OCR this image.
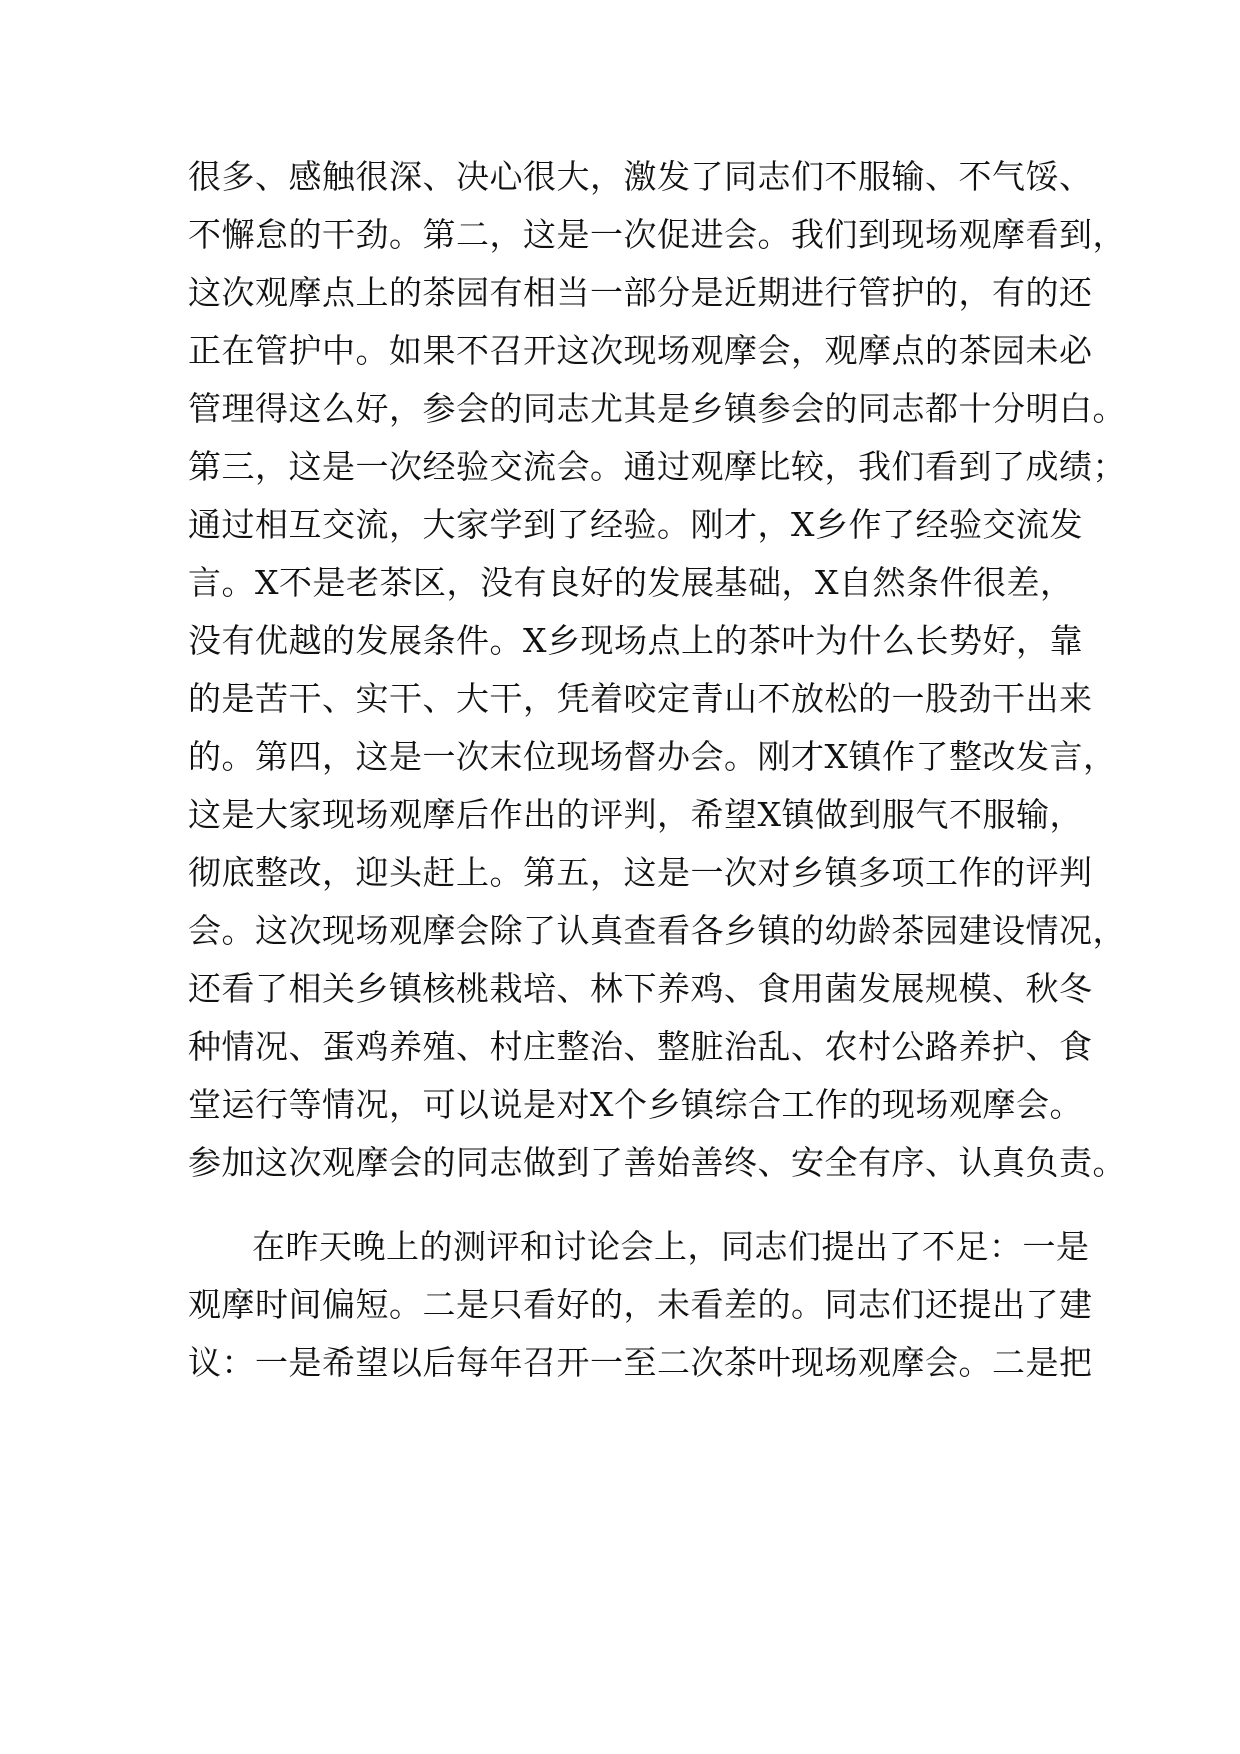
很多、感触很深、决心很大，激发了同志们不服输、不气馁、
不懈怠的干劲。第二，这是一次促进会。我们到现场观摩看到，
这次观摩点上的茶园有相当一部分是近期进行管护的，有的还
正在管护中。如果不召开这次现场观摩会，观摩点的茶园未必
管理得这么好，参会的同志尤其是乡镇参会的同志都十分明白。
第三，这是一次经验交流会。通过观摩比较，我们看到了成绩；
通过相互交流，大家学到了经验。刚才，X乡作了经验交流发
言。X不是老茶区，没有良好的发展基础，X自然条件很差，
没有优越的发展条件。X乡现场点上的茶叶为什么长势好，靠
的是苦干、实干、大干，凭着咬定青山不放松的一股劲干出来
的。第四，这是一次末位现场督办会。刚才X镇作了整改发言，
这是大家现场观摩后作出的评判，希望X镇做到服气不服输，
彻底整改，迎头赶上。第五，这是一次对乡镇多项工作的评判
会。这次现场观摩会除了认真查看各乡镇的幼龄茶园建设情况，
还看了相关乡镇核桃栽培、林下养鸡、食用菌发展规模、秋冬
种情况、蛋鸡养殖、村庄整治、整脏治乱、农村公路养护、食
堂运行等情况，可以说是对X个乡镇综合工作的现场观摩会。
参加这次观摩会的同志做到了善始善终、安全有序、认真负责。
在昨天晚上的测评和讨论会上，同志们提出了不足：一是
观摩时间偏短。二是只看好的，未看差的。同志们还提出了建
议：一是希望以后每年召开一至二次茶叶现场观摩会。二是把
